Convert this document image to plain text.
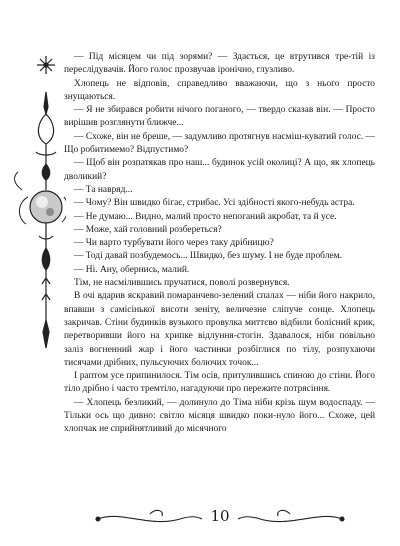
— Під місяцем чи під зорями? — Здається, це втрутився тре-тій із переслідувачів. Його голос прозвучав іронічно, глузливо.

Хлопець не відповів, справедливо вважаючи, що з нього просто знущаються.

— Я не збирався робити нічого поганого, — твердо сказав він. — Просто вирішив розглянути ближче...

— Схоже, він не бреше, — задумливо протягнув насміш-куватий голос. — Що робитимемо? Відпустимо?

— Щоб він розпатякав про наш... будинок усій околиці? А що, як хлопець дволикий?

— Та навряд...

— Чому? Він швидко бігає, стрибає. Усі здібності якого-небудь астра.

— Не думаю... Видно, малий просто непоганий акробат, та й усе.

— Може, хай головний розбереться?

— Чи варто турбувати його через таку дрібницю?

— Тоді давай позбудемось... Швидко, без шуму. І не буде проблем.

— Ні. Ану, обернись, малий.

Тім, не насмілившись пручатися, поволі розвернувся.

В очі вдарив яскравий помаранчево-зелений спалах — ніби його накрило, впавши з самісінької висоти зеніту, величезне сліпуче сонце. Хлопець закричав. Стіни будинків вузького провулка миттєво відбили болісний крик, перетворивши його на хрипке відлуння-стогін. Здавалося, ніби повільно заліз вогненний жар і його частинки розбіглися по тілу, розпухаючи тисячами дрібних, пульсуючих болючих точок...

І раптом усе припинилося. Тім осів, притулившись спиною до стіни. Його тіло дрібно і часто тремтіло, нагадуючи про пережите потрясіння.

— Хлопець безликий, — долинуло до Тіма ніби крізь шум водоспаду. — Тільки ось що дивно: світло місяця швидко поки-нуло його... Схоже, цей хлопчак не сприйнятливий до місячного

10
